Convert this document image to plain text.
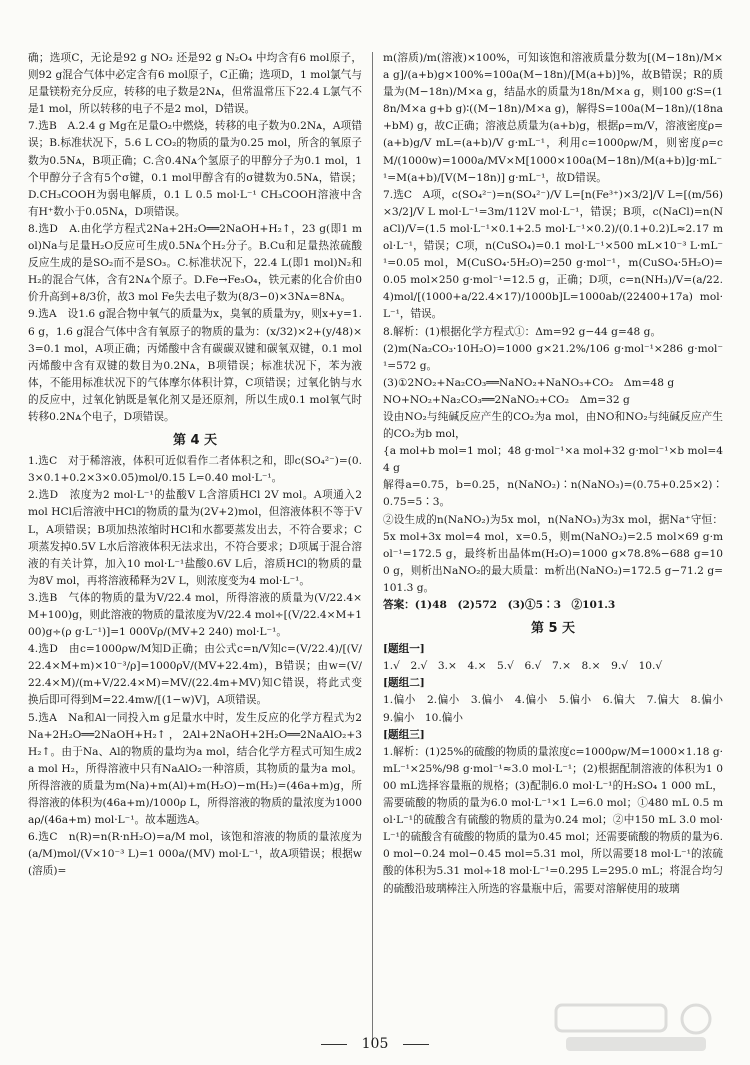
确；选项C，无论是92 g NO₂ 还是92 g N₂O₄ 中均含有6 mol原子，则92 g混合气体中必定含有6 mol原子，C正确；选项D，1 mol氯气与足量镁粉充分反应，转移的电子数是2Nᴀ，但常温常压下22.4 L氯气不是1 mol，所以转移的电子不是2 mol，D错误。

7.选B　A.2.4 g Mg在足量O₂中燃烧，转移的电子数为0.2Nᴀ，A项错误；B.标准状况下，5.6 L CO₂的物质的量为0.25 mol，所含的氧原子数为0.5Nᴀ，B项正确；C.含0.4Nᴀ个氢原子的甲醇分子为0.1 mol，1个甲醇分子含有5个σ键，0.1 mol甲醇含有的σ键数为0.5Nᴀ，错误；D.CH₃COOH为弱电解质，0.1 L 0.5 mol·L⁻¹ CH₃COOH溶液中含有H⁺数小于0.05Nᴀ，D项错误。

8.选D　A.由化学方程式2Na+2H₂O══2NaOH+H₂↑，23 g(即1 mol)Na与足量H₂O反应可生成0.5Nᴀ个H₂分子。B.Cu和足量热浓硫酸反应生成的是SO₂而不是SO₃。C.标准状况下，22.4 L(即1 mol)N₂和H₂的混合气体，含有2Nᴀ个原子。D.Fe→Fe₃O₄，铁元素的化合价由0价升高到+8/3价，故3 mol Fe失去电子数为(8/3−0)×3Nᴀ=8Nᴀ。

9.选A　设1.6 g混合物中氧气的质量为x，臭氧的质量为y，则x+y=1.6 g，1.6 g混合气体中含有氧原子的物质的量为：(x/32)×2+(y/48)×3=0.1 mol，A项正确；丙烯酸中含有碳碳双键和碳氧双键，0.1 mol丙烯酸中含有双键的数目为0.2Nᴀ，B项错误；标准状况下，苯为液体，不能用标准状况下的气体摩尔体积计算，C项错误；过氧化钠与水的反应中，过氧化钠既是氧化剂又是还原剂，所以生成0.1 mol氧气时转移0.2Nᴀ个电子，D项错误。

第 4 天

1.选C　对于稀溶液，体积可近似看作二者体积之和，即c(SO₄²⁻)=(0.3×0.1+0.2×3×0.05)mol/0.15 L=0.40 mol·L⁻¹。

2.选D　浓度为2 mol·L⁻¹的盐酸V L含溶质HCl 2V mol。A项通入2 mol HCl后溶液中HCl的物质的量为(2V+2)mol，但溶液体积不等于V L，A项错误；B项加热浓缩时HCl和水都要蒸发出去，不符合要求；C项蒸发掉0.5V L水后溶液体积无法求出，不符合要求；D项属于混合溶液的有关计算，加入10 mol·L⁻¹盐酸0.6V L后，溶质HCl的物质的量为8V mol，再将溶液稀释为2V L，则浓度变为4 mol·L⁻¹。

3.选B　气体的物质的量为V/22.4 mol，所得溶液的质量为(V/22.4×M+100)g，则此溶液的物质的量浓度为V/22.4 mol÷[(V/22.4×M+100)g÷(ρ g·L⁻¹)]=1 000Vρ/(MV+2 240) mol·L⁻¹。

4.选D　由c=1000ρw/M知D正确；由公式c=n/V知c=(V/22.4)/[(V/22.4×M+m)×10⁻³/ρ]=1000ρV/(MV+22.4m)，B错误；由w=(V/22.4×M)/(m+V/22.4×M)=MV/(22.4m+MV)知C错误，将此式变换后即可得到M=22.4mw/[(1−w)V]，A项错误。

5.选A　Na和Al一同投入m g足量水中时，发生反应的化学方程式为2Na+2H₂O══2NaOH+H₂↑，2Al+2NaOH+2H₂O══2NaAlO₂+3H₂↑。由于Na、Al的物质的量均为a mol，结合化学方程式可知生成2a mol H₂，所得溶液中只有NaAlO₂一种溶质，其物质的量为a mol。所得溶液的质量为m(Na)+m(Al)+m(H₂O)−m(H₂)=(46a+m)g，所得溶液的体积为(46a+m)/1000ρ L，所得溶液的物质的量浓度为1000aρ/(46a+m) mol·L⁻¹。故本题选A。

6.选C　n(R)=n(R·nH₂O)=a/M mol，该饱和溶液的物质的量浓度为(a/M)mol/(V×10⁻³ L)=1 000a/(MV) mol·L⁻¹，故A项错误；根据w(溶质)=

m(溶质)/m(溶液)×100%，可知该饱和溶液质量分数为[(M−18n)/M×a g]/(a+b)g×100%=100a(M−18n)/[M(a+b)]%，故B错误；R的质量为(M−18n)/M×a g，结晶水的质量为18n/M×a g，则100 g∶S=(18n/M×a g+b g)∶((M−18n)/M×a g)，解得S=100a(M−18n)/(18na+bM) g，故C正确；溶液总质量为(a+b)g，根据ρ=m/V，溶液密度ρ=(a+b)g/V mL=(a+b)/V g·mL⁻¹，利用c=1000ρw/M，则密度ρ=cM/(1000w)=1000a/MV×M[1000×100a(M−18n)/M(a+b)]g·mL⁻¹=M(a+b)/[V(M−18n)] g·mL⁻¹，故D错误。

7.选C　A项，c(SO₄²⁻)=n(SO₄²⁻)/V L=[n(Fe³⁺)×3/2]/V L=[(m/56)×3/2]/V L mol·L⁻¹=3m/112V mol·L⁻¹，错误；B项，c(NaCl)=n(NaCl)/V=(1.5 mol·L⁻¹×0.1+2.5 mol·L⁻¹×0.2)/(0.1+0.2)L≈2.17 mol·L⁻¹，错误；C项，n(CuSO₄)=0.1 mol·L⁻¹×500 mL×10⁻³ L·mL⁻¹=0.05 mol，M(CuSO₄·5H₂O)=250 g·mol⁻¹，m(CuSO₄·5H₂O)=0.05 mol×250 g·mol⁻¹=12.5 g，正确；D项，c=n(NH₃)/V=(a/22.4)mol/[(1000+a/22.4×17)/1000b]L=1000ab/(22400+17a) mol·L⁻¹，错误。

8.解析：(1)根据化学方程式①：Δm=92 g−44 g=48 g。

(2)m(Na₂CO₃·10H₂O)=1000 g×21.2%/106 g·mol⁻¹×286 g·mol⁻¹=572 g。

(3)①2NO₂+Na₂CO₃══NaNO₂+NaNO₃+CO₂　Δm=48 g

NO+NO₂+Na₂CO₃══2NaNO₂+CO₂　Δm=32 g

设由NO₂与纯碱反应产生的CO₂为a mol，由NO和NO₂与纯碱反应产生的CO₂为b mol，

{a mol+b mol=1 mol；48 g·mol⁻¹×a mol+32 g·mol⁻¹×b mol=44 g

解得a=0.75，b=0.25，n(NaNO₂)∶n(NaNO₃)=(0.75+0.25×2)∶0.75=5∶3。

②设生成的n(NaNO₂)为5x mol，n(NaNO₃)为3x mol，据Na⁺守恒：5x mol+3x mol=4 mol，x=0.5，则m(NaNO₂)=2.5 mol×69 g·mol⁻¹=172.5 g，最终析出晶体m(H₂O)=1000 g×78.8%−688 g=100 g，则析出NaNO₂的最大质量：m析出(NaNO₂)=172.5 g−71.2 g=101.3 g。

答案：(1)48　(2)572　(3)①5∶3　②101.3

第 5 天

[题组一]

1.√　2.√　3.×　4.×　5.√　6.√　7.×　8.×　9.√　10.√

[题组二]

1.偏小　2.偏小　3.偏小　4.偏小　5.偏小　6.偏大　7.偏大　8.偏小　9.偏小　10.偏小

[题组三]

1.解析：(1)25%的硫酸的物质的量浓度c=1000ρw/M=1000×1.18 g·mL⁻¹×25%/98 g·mol⁻¹≈3.0 mol·L⁻¹；(2)根据配制溶液的体积为1 000 mL选择容量瓶的规格；(3)配制6.0 mol·L⁻¹的H₂SO₄ 1 000 mL，需要硫酸的物质的量为6.0 mol·L⁻¹×1 L=6.0 mol；①480 mL 0.5 mol·L⁻¹的硫酸含有硫酸的物质的量为0.24 mol；②中150 mL 3.0 mol·L⁻¹的硫酸含有硫酸的物质的量为0.45 mol；还需要硫酸的物质的量为6.0 mol−0.24 mol−0.45 mol=5.31 mol，所以需要18 mol·L⁻¹的浓硫酸的体积为5.31 mol÷18 mol·L⁻¹=0.295 L=295.0 mL；将混合均匀的硫酸沿玻璃棒注入所选的容量瓶中后，需要对溶解使用的玻璃

105
